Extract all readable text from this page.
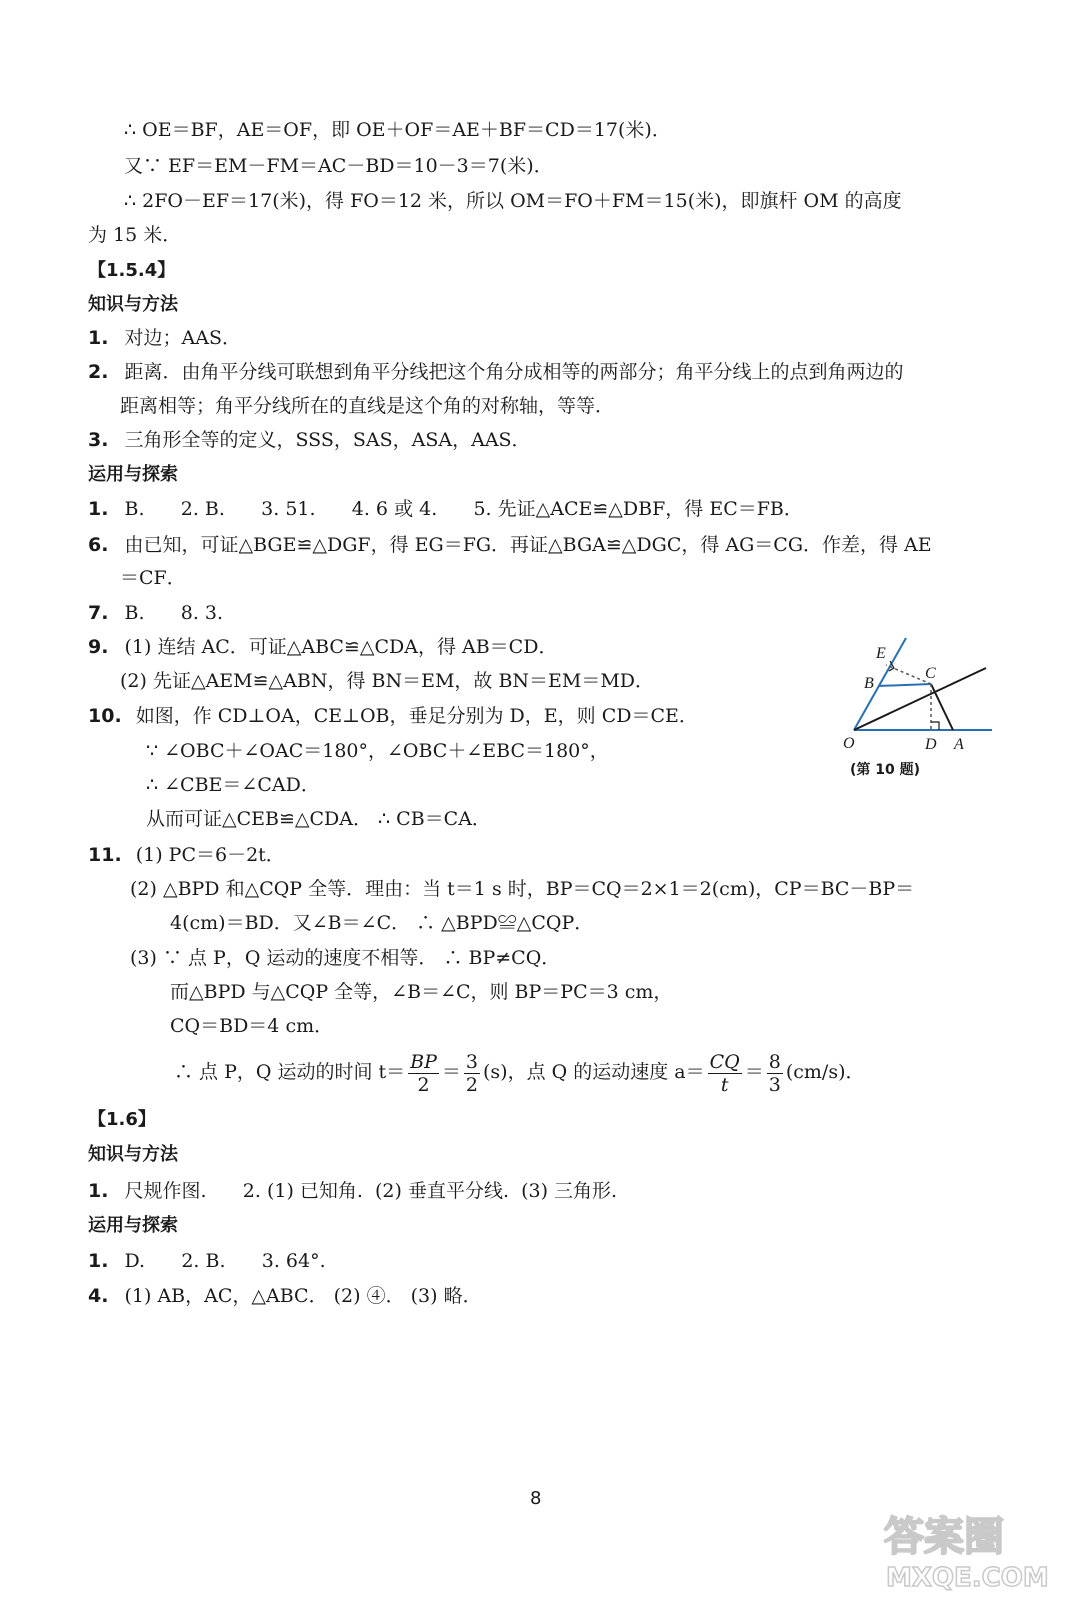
∴ OE＝BF，AE＝OF，即 OE＋OF＝AE＋BF＝CD＝17(米)．
又∵ EF＝EM－FM＝AC－BD＝10－3＝7(米)．
∴ 2FO－EF＝17(米)，得 FO＝12 米，所以 OM＝FO＋FM＝15(米)，即旗杆 OM 的高度
为 15 米．
【1.5.4】
知识与方法
1. 对边；AAS．
2. 距离．由角平分线可联想到角平分线把这个角分成相等的两部分；角平分线上的点到角两边的
距离相等；角平分线所在的直线是这个角的对称轴，等等．
3. 三角形全等的定义，SSS，SAS，ASA，AAS．
运用与探索
1. B.      2. B.      3. 51.      4. 6 或 4.      5. 先证△ACE≌△DBF，得 EC＝FB．
6. 由已知，可证△BGE≌△DGF，得 EG＝FG．再证△BGA≌△DGC，得 AG＝CG．作差，得 AE
＝CF．
7. B.      8. 3.
9. (1) 连结 AC．可证△ABC≌△CDA，得 AB＝CD．
(2) 先证△AEM≌△ABN，得 BN＝EM，故 BN＝EM＝MD．
10. 如图，作 CD⊥OA，CE⊥OB，垂足分别为 D，E，则 CD＝CE．
∵ ∠OBC＋∠OAC＝180°，∠OBC＋∠EBC＝180°，
∴ ∠CBE＝∠CAD．
从而可证△CEB≌△CDA． ∴ CB＝CA．
E
B
C
O	D A
(第 10 题)
11. (1) PC＝6－2t．
(2) △BPD 和△CQP 全等．理由：当 t＝1 s 时，BP＝CQ＝2×1＝2(cm)，CP＝BC－BP＝
4(cm)＝BD．又∠B＝∠C． ∴ △BPD≌△CQP．
(3) ∵ 点 P，Q 运动的速度不相等． ∴ BP≠CQ．
而△BPD 与△CQP 全等，∠B＝∠C，则 BP＝PC＝3 cm，
CQ＝BD＝4 cm．
∴ 点 P，Q 运动的时间 $t= \frac{BP}{2} = \frac{3}{2} (s)$，点 Q 的运动速度 $a= \frac{CQ}{t} = \frac{8}{3} (cm/s)$．
【1.6】
知识与方法
1. 尺规作图.      2. (1) 已知角.  (2) 垂直平分线.  (3) 三角形.
运用与探索
1. D.      2. B.      3. 64°.
4. (1) AB，AC，△ABC． (2) ④． (3) 略．
8
答案圈
MXQE.COM
